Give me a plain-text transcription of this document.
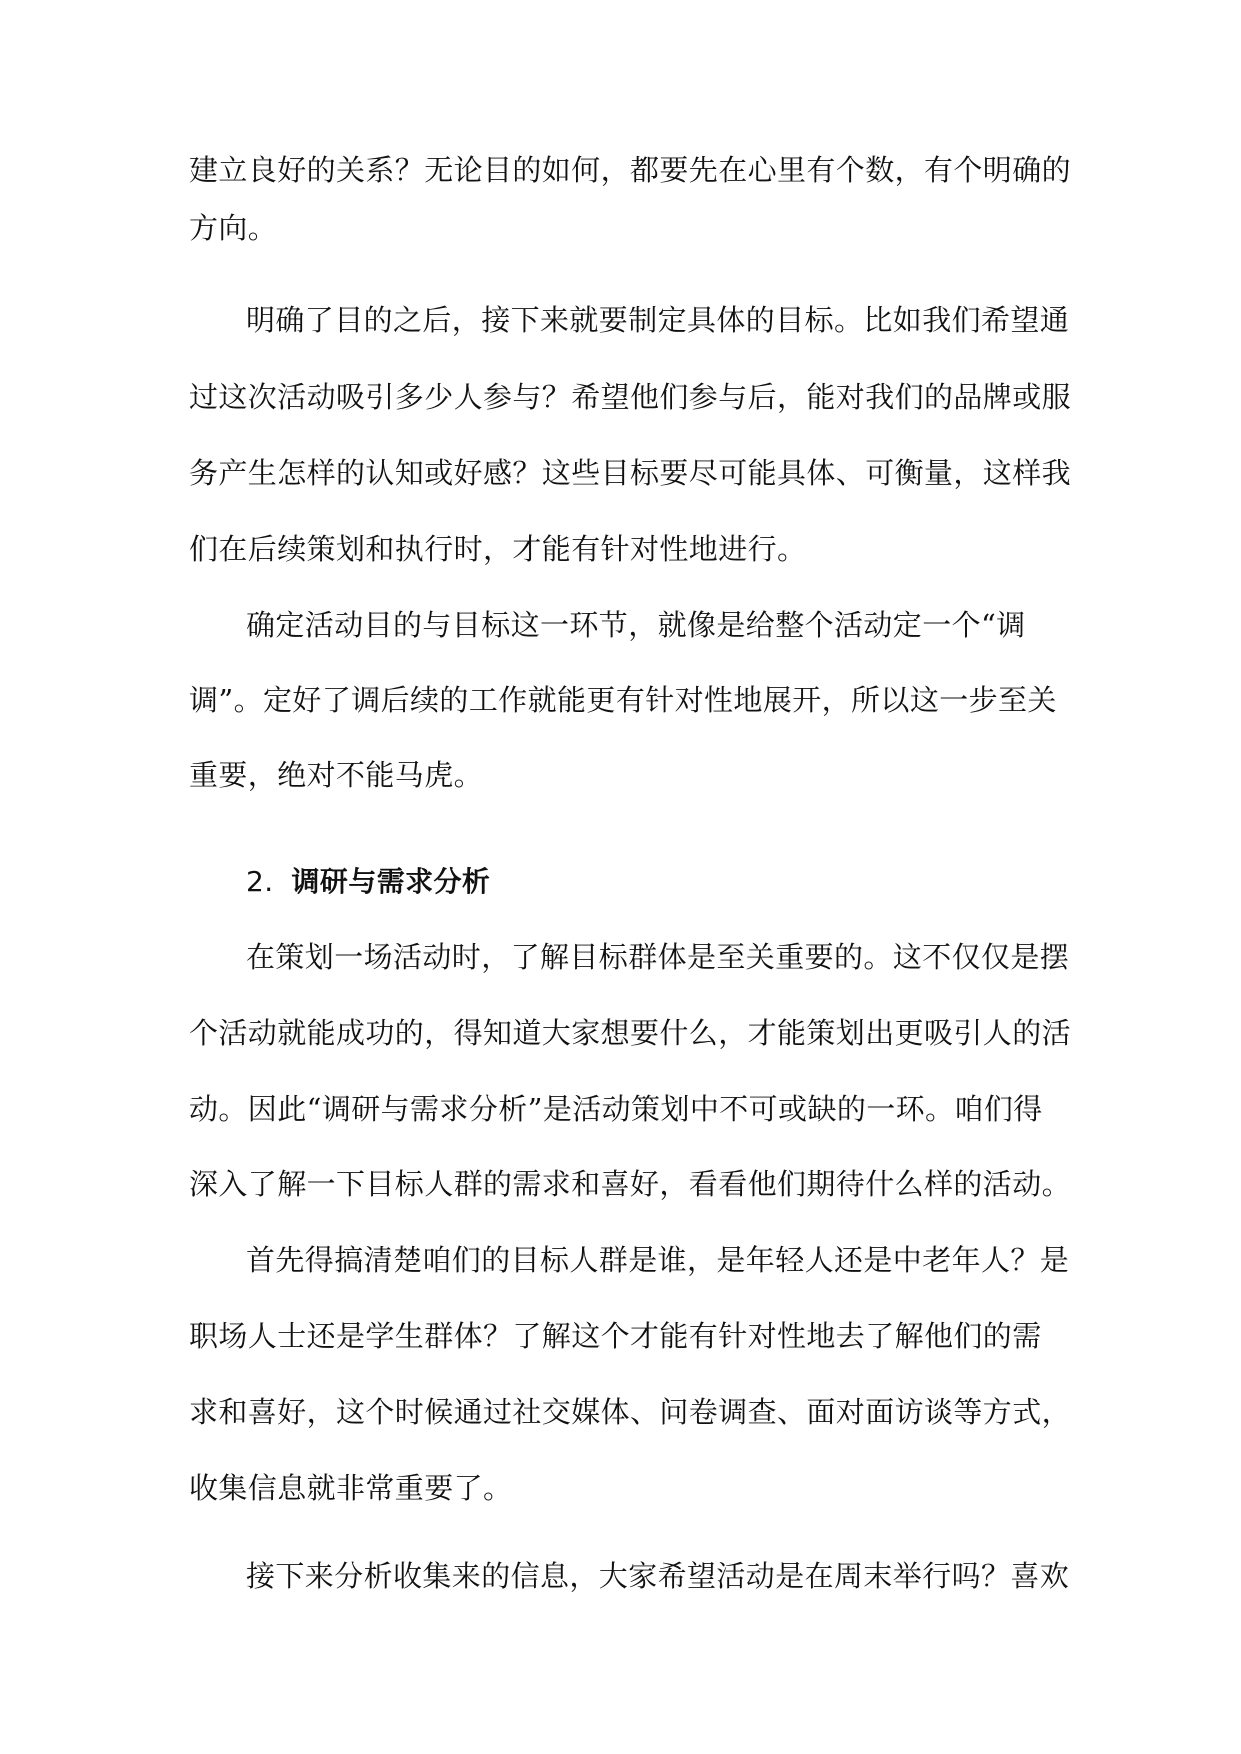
建立良好的关系？无论目的如何，都要先在心里有个数，有个明确的
方向。
明确了目的之后，接下来就要制定具体的目标。比如我们希望通
过这次活动吸引多少人参与？希望他们参与后，能对我们的品牌或服
务产生怎样的认知或好感？这些目标要尽可能具体、可衡量，这样我
们在后续策划和执行时，才能有针对性地进行。
确定活动目的与目标这一环节，就像是给整个活动定一个“调
调”。定好了调后续的工作就能更有针对性地展开，所以这一步至关
重要，绝对不能马虎。
2. 调研与需求分析
在策划一场活动时，了解目标群体是至关重要的。这不仅仅是摆
个活动就能成功的，得知道大家想要什么，才能策划出更吸引人的活
动。因此“调研与需求分析”是活动策划中不可或缺的一环。咱们得
深入了解一下目标人群的需求和喜好，看看他们期待什么样的活动。
首先得搞清楚咱们的目标人群是谁，是年轻人还是中老年人？是
职场人士还是学生群体？了解这个才能有针对性地去了解他们的需
求和喜好，这个时候通过社交媒体、问卷调查、面对面访谈等方式，
收集信息就非常重要了。
接下来分析收集来的信息，大家希望活动是在周末举行吗？喜欢
